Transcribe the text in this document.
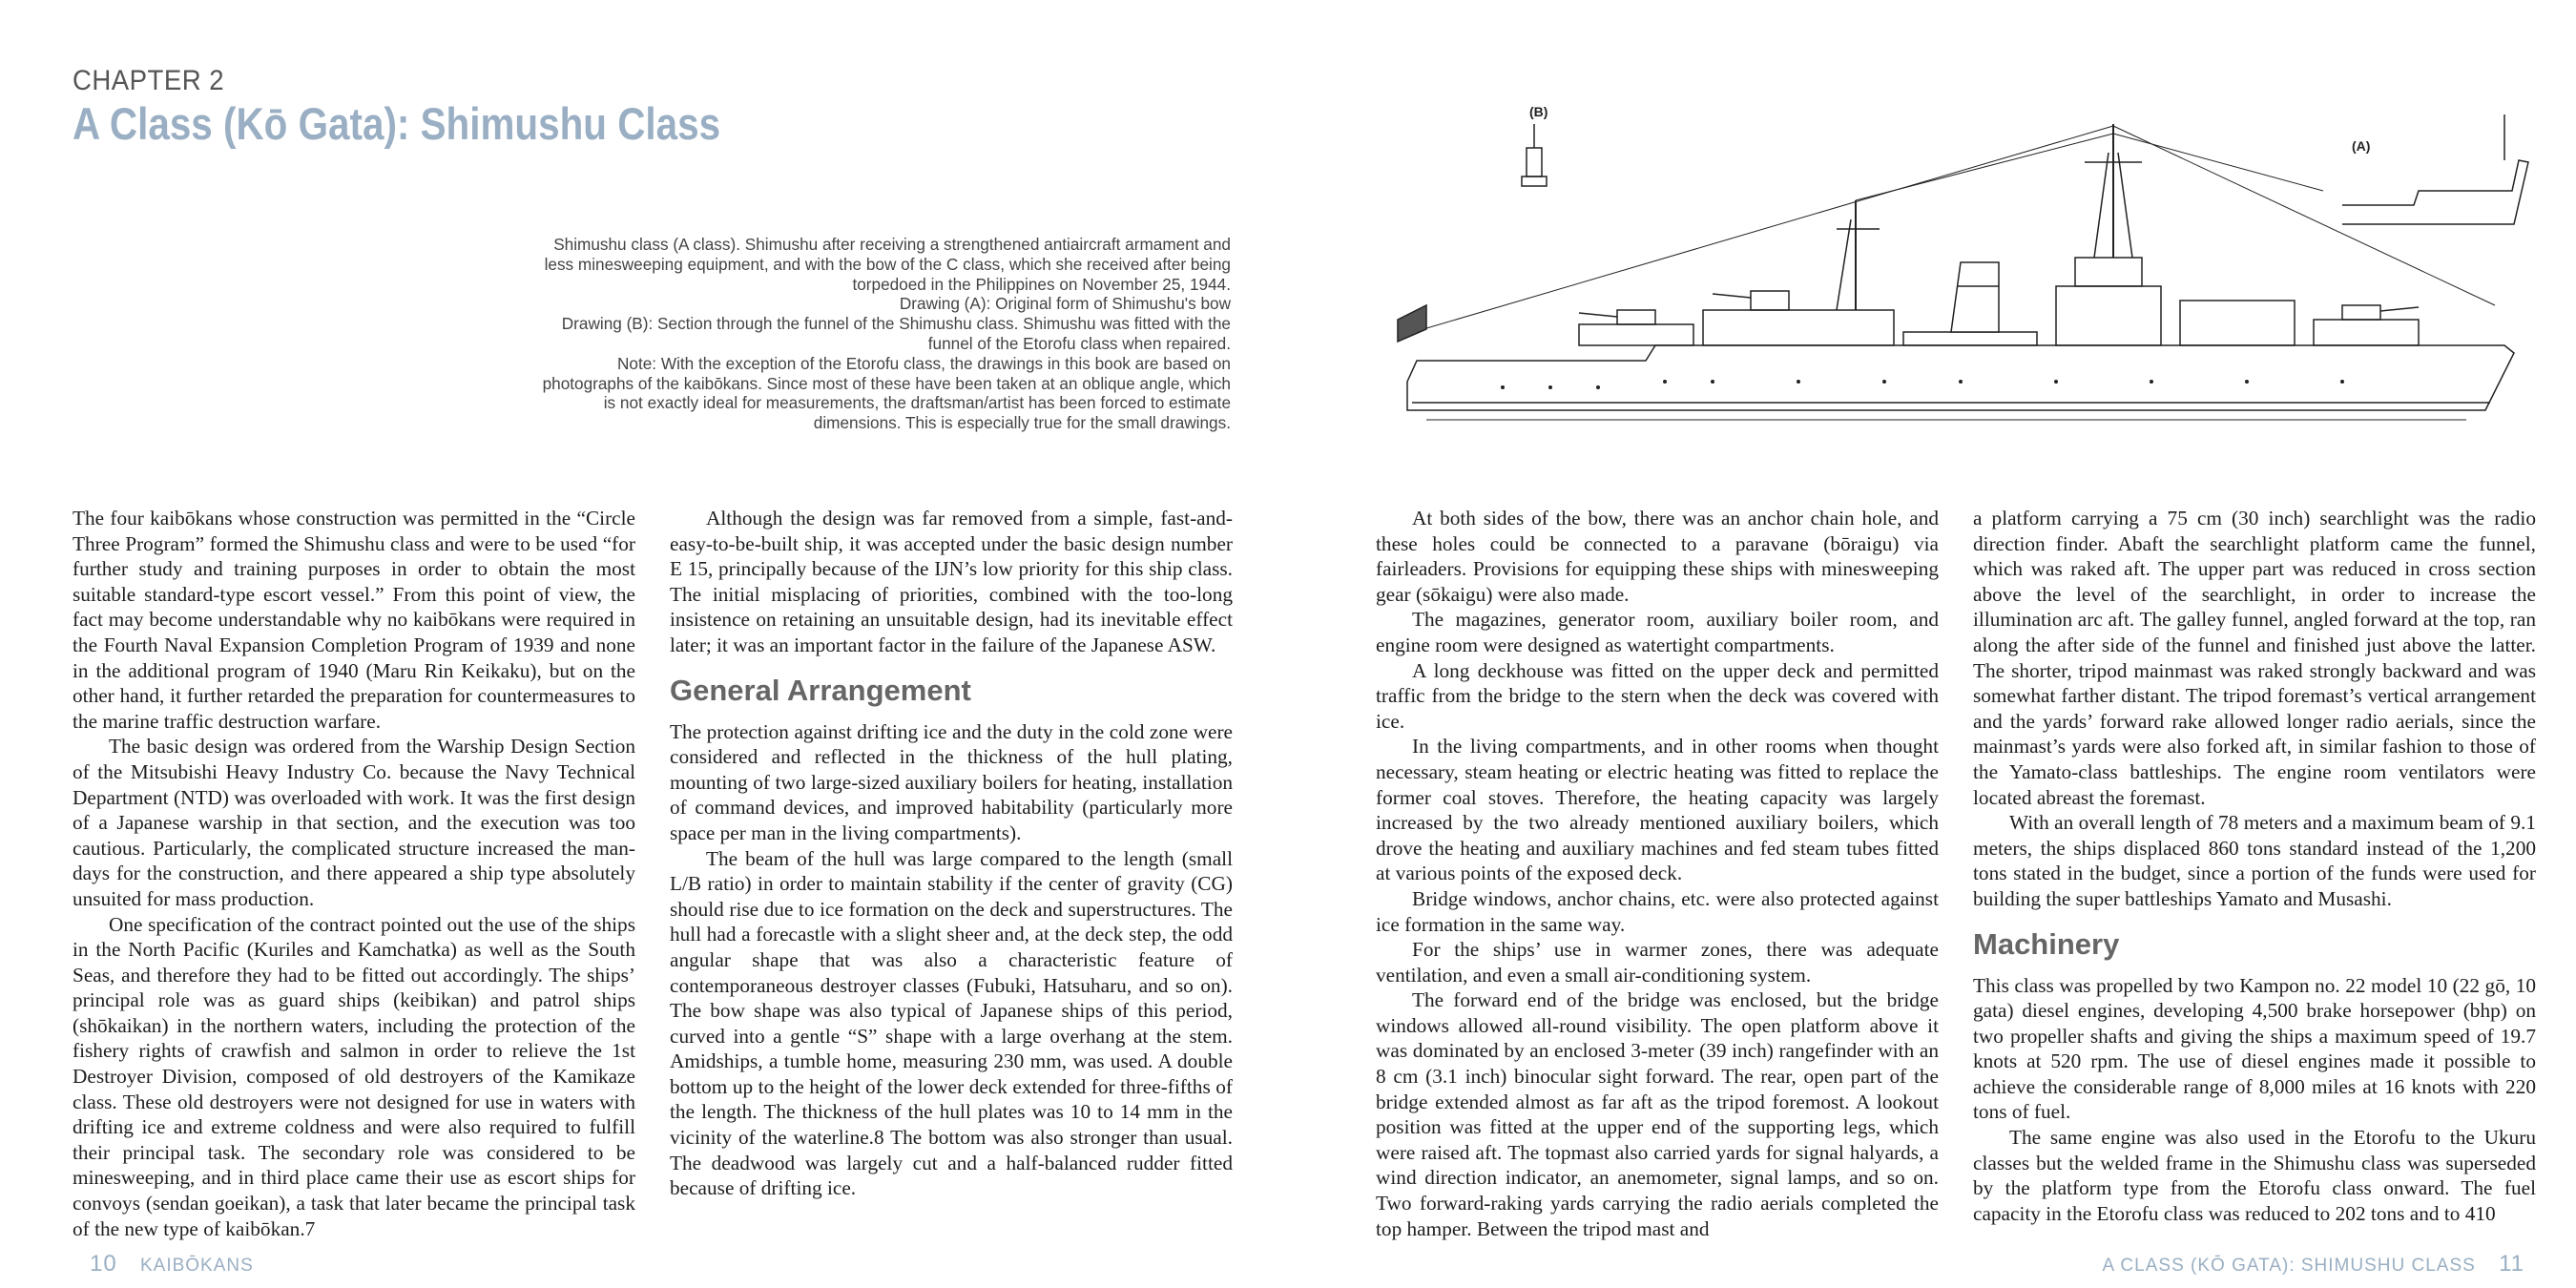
CHAPTER 2
A Class (Kō Gata): Shimushu Class

Shimushu class (A class). Shimushu after receiving a strengthened antiaircraft armament and less minesweeping equipment, and with the bow of the C class, which she received after being torpedoed in the Philippines on November 25, 1944.

Drawing (A): Original form of Shimushu's bow

Drawing (B): Section through the funnel of the Shimushu class. Shimushu was fitted with the funnel of the Etorofu class when repaired.

Note: With the exception of the Etorofu class, the drawings in this book are based on photographs of the kaibōkans. Since most of these have been taken at an oblique angle, which is not exactly ideal for measurements, the draftsman/artist has been forced to estimate dimensions. This is especially true for the small drawings.

(B)
(A)

The four kaibōkans whose construction was permitted in the “Circle Three Program” formed the Shimushu class and were to be used “for further study and training purposes in order to obtain the most suitable standard-type escort vessel.” From this point of view, the fact may become understandable why no kaibōkans were required in the Fourth Naval Expansion Completion Program of 1939 and none in the additional program of 1940 (Maru Rin Keikaku), but on the other hand, it further retarded the preparation for countermeasures to the marine traffic destruction warfare.

The basic design was ordered from the Warship Design Section of the Mitsubishi Heavy Industry Co. because the Navy Technical Department (NTD) was overloaded with work. It was the first design of a Japanese warship in that section, and the execution was too cautious. Particularly, the complicated structure increased the man-days for the construction, and there appeared a ship type absolutely unsuited for mass production.

One specification of the contract pointed out the use of the ships in the North Pacific (Kuriles and Kamchatka) as well as the South Seas, and therefore they had to be fitted out accordingly. The ships’ principal role was as guard ships (keibikan) and patrol ships (shōkaikan) in the northern waters, including the protection of the fishery rights of crawfish and salmon in order to relieve the 1st Destroyer Division, composed of old destroyers of the Kamikaze class. These old destroyers were not designed for use in waters with drifting ice and extreme coldness and were also required to fulfill their principal task. The secondary role was considered to be minesweeping, and in third place came their use as escort ships for convoys (sendan goeikan), a task that later became the principal task of the new type of kaibōkan.7

Although the design was far removed from a simple, fast-and-easy-to-be-built ship, it was accepted under the basic design number E 15, principally because of the IJN’s low priority for this ship class. The initial misplacing of priorities, combined with the too-long insistence on retaining an unsuitable design, had its inevitable effect later; it was an important factor in the failure of the Japanese ASW.

General Arrangement

The protection against drifting ice and the duty in the cold zone were considered and reflected in the thickness of the hull plating, mounting of two large-sized auxiliary boilers for heating, installation of command devices, and improved habitability (particularly more space per man in the living compartments).

The beam of the hull was large compared to the length (small L/B ratio) in order to maintain stability if the center of gravity (CG) should rise due to ice formation on the deck and superstructures. The hull had a forecastle with a slight sheer and, at the deck step, the odd angular shape that was also a characteristic feature of contemporaneous destroyer classes (Fubuki, Hatsuharu, and so on). The bow shape was also typical of Japanese ships of this period, curved into a gentle “S” shape with a large overhang at the stem. Amidships, a tumble home, measuring 230 mm, was used. A double bottom up to the height of the lower deck extended for three-fifths of the length. The thickness of the hull plates was 10 to 14 mm in the vicinity of the waterline.8 The bottom was also stronger than usual. The deadwood was largely cut and a half-balanced rudder fitted because of drifting ice.

At both sides of the bow, there was an anchor chain hole, and these holes could be connected to a paravane (bōraigu) via fairleaders. Provisions for equipping these ships with minesweeping gear (sōkaigu) were also made.

The magazines, generator room, auxiliary boiler room, and engine room were designed as watertight compartments.

A long deckhouse was fitted on the upper deck and permitted traffic from the bridge to the stern when the deck was covered with ice.

In the living compartments, and in other rooms when thought necessary, steam heating or electric heating was fitted to replace the former coal stoves. Therefore, the heating capacity was largely increased by the two already mentioned auxiliary boilers, which drove the heating and auxiliary machines and fed steam tubes fitted at various points of the exposed deck.

Bridge windows, anchor chains, etc. were also protected against ice formation in the same way.

For the ships’ use in warmer zones, there was adequate ventilation, and even a small air-conditioning system.

The forward end of the bridge was enclosed, but the bridge windows allowed all-round visibility. The open platform above it was dominated by an enclosed 3-meter (39 inch) rangefinder with an 8 cm (3.1 inch) binocular sight forward. The rear, open part of the bridge extended almost as far aft as the tripod foremost. A lookout position was fitted at the upper end of the supporting legs, which were raised aft. The topmast also carried yards for signal halyards, a wind direction indicator, an anemometer, signal lamps, and so on. Two forward-raking yards carrying the radio aerials completed the top hamper. Between the tripod mast and

a platform carrying a 75 cm (30 inch) searchlight was the radio direction finder. Abaft the searchlight platform came the funnel, which was raked aft. The upper part was reduced in cross section above the level of the searchlight, in order to increase the illumination arc aft. The galley funnel, angled forward at the top, ran along the after side of the funnel and finished just above the latter. The shorter, tripod mainmast was raked strongly backward and was somewhat farther distant. The tripod foremast’s vertical arrangement and the yards’ forward rake allowed longer radio aerials, since the mainmast’s yards were also forked aft, in similar fashion to those of the Yamato-class battleships. The engine room ventilators were located abreast the foremast.

With an overall length of 78 meters and a maximum beam of 9.1 meters, the ships displaced 860 tons standard instead of the 1,200 tons stated in the budget, since a portion of the funds were used for building the super battleships Yamato and Musashi.

Machinery

This class was propelled by two Kampon no. 22 model 10 (22 gō, 10 gata) diesel engines, developing 4,500 brake horsepower (bhp) on two propeller shafts and giving the ships a maximum speed of 19.7 knots at 520 rpm. The use of diesel engines made it possible to achieve the considerable range of 8,000 miles at 16 knots with 220 tons of fuel.

The same engine was also used in the Etorofu to the Ukuru classes but the welded frame in the Shimushu class was superseded by the platform type from the Etorofu class onward. The fuel capacity in the Etorofu class was reduced to 202 tons and to 410

10 KAIBŌKANS	A CLASS (KŌ GATA): SHIMUSHU CLASS 11
